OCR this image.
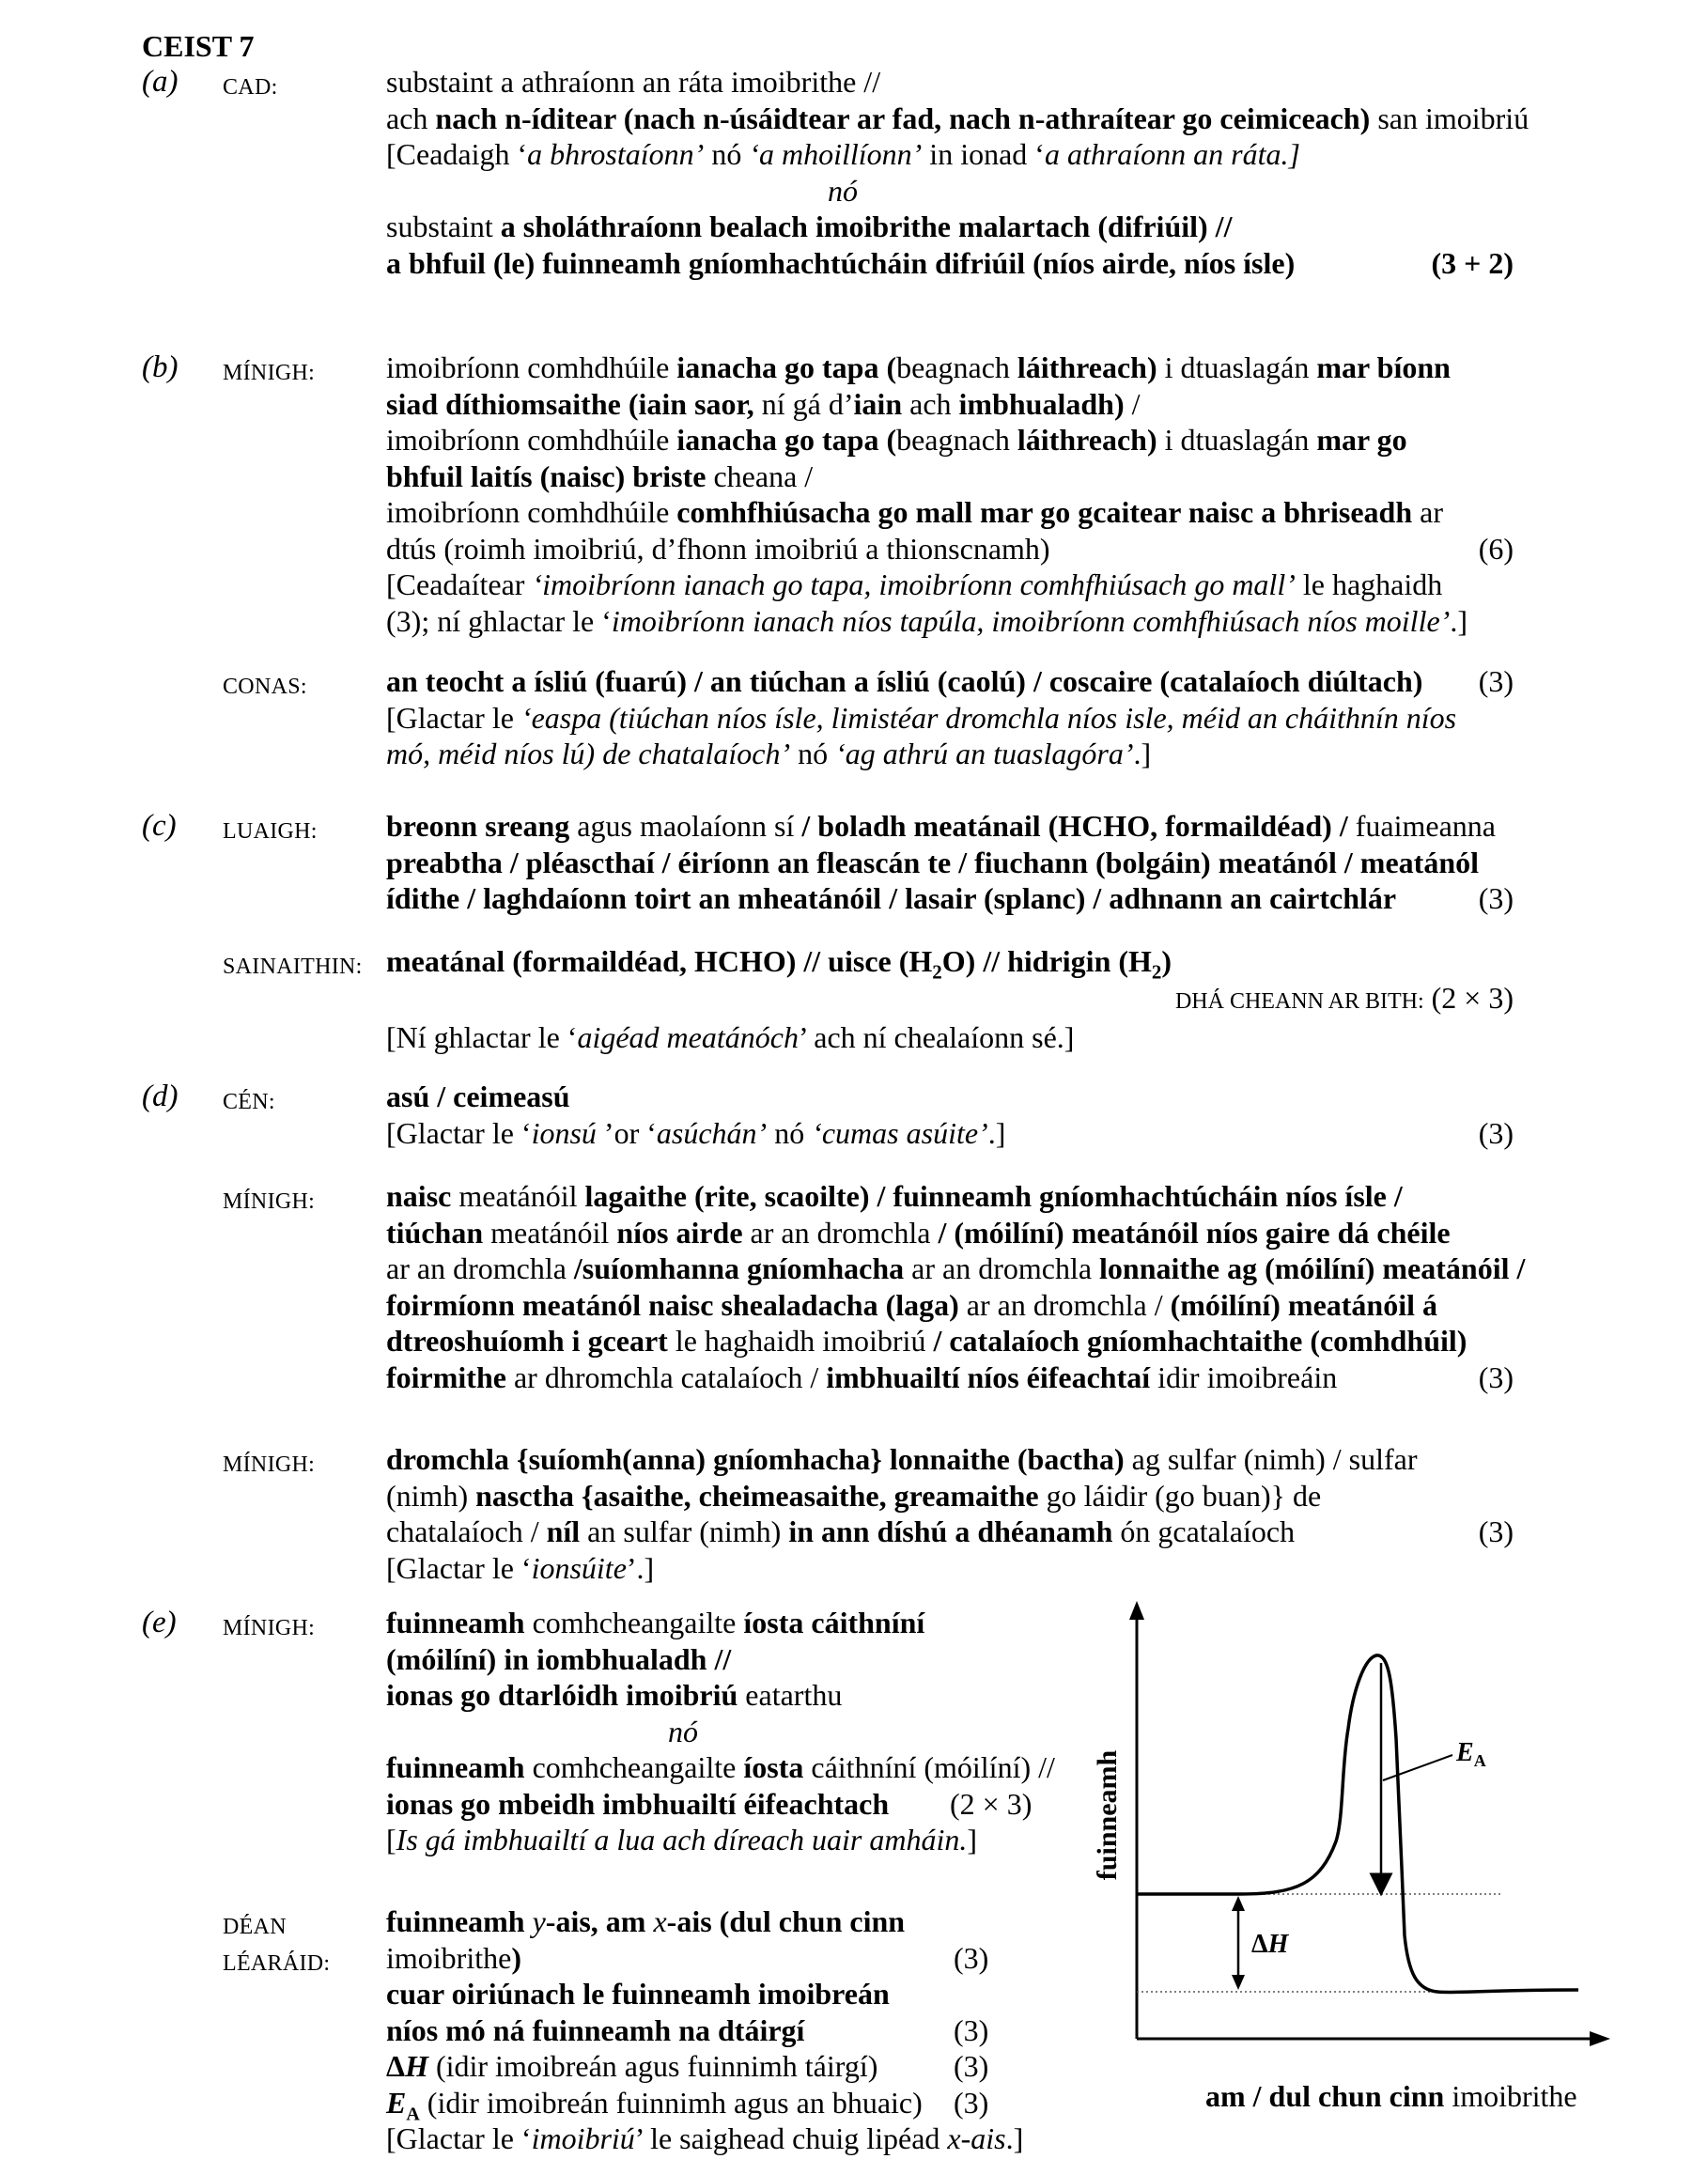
CEIST 7
(a) CAD:	substaint a athraíonn an ráta imoibrithe //
ach nach n-íditear (nach n-úsáidtear ar fad, nach n-athraítear go ceimiceach) san imoibriú
[Ceadaigh ‘a bhrostaíonn’ nó ‘a mhoillíonn’ in ionad ‘a athraíonn an ráta.]
nó
substaint a sholáthraíonn bealach imoibrithe malartach (difriúil) //
a bhfuil (le) fuinneamh gníomhachtúcháin difriúil (níos airde, níos ísle)	(3 + 2)
(b) MÍNIGH: imoibríonn comhdhúile ianacha go tapa (beagnach láithreach) i dtuaslagán mar bíonn
siad díthiomsaithe (iain saor, ní gá d’iain ach imbhualadh) /
imoibríonn comhdhúile ianacha go tapa (beagnach láithreach) i dtuaslagán mar go
bhfuil laitís (naisc) briste cheana /
imoibríonn comhdhúile comhfhiúsacha go mall mar go gcaitear naisc a bhriseadh ar
dtús (roimh imoibriú, d’fhonn imoibriú a thionscnamh)	(6)
[Ceadaítear ‘imoibríonn ianach go tapa, imoibríonn comhfhiúsach go mall’ le haghaidh
(3); ní ghlactar le ‘imoibríonn ianach níos tapúla, imoibríonn comhfhiúsach níos moille’.]
CONAS:	an teocht a ísliú (fuarú) / an tiúchan a ísliú (caolú) / coscaire (catalaíoch diúltach) (3)
[Glactar le ‘easpa (tiúchan níos ísle, limistéar dromchla níos isle, méid an cháithnín níos
mó, méid níos lú) de chatalaíoch’ nó ‘ag athrú an tuaslagóra’.]
(c) LUAIGH: breonn sreang agus maolaíonn sí / boladh meatánail (HCHO, formaildéad) / fuaimeanna
preabtha / pléascthaí / éiríonn an fleascán te / fiuchann (bolgáin) meatánól / meatánól
ídithe / laghdaíonn toirt an mheatánóil / lasair (splanc) / adhnann an cairtchlár	(3)
SAINAITHIN: meatánal (formaildéad, HCHO) // uisce $(H_2O)$ // hidrigin $(H_2)$
DHÁ CHEANN AR BITH: (2 × 3)
[Ní ghlactar le ‘aigéad meatánóch’ ach ní chealaíonn sé.]
(d) CÉN:	asú / ceimeasú
[Glactar le ‘ionsú ’or ‘asúchán’ nó ‘cumas asúite’.]	(3)
MÍNIGH: naisc meatánóil lagaithe (rite, scaoilte) / fuinneamh gníomhachtúcháin níos ísle /
tiúchan meatánóil níos airde ar an dromchla / (móilíní) meatánóil níos gaire dá chéile
ar an dromchla /suíomhanna gníomhacha ar an dromchla lonnaithe ag (móilíní) meatánóil /
foirmíonn meatánól naisc shealadacha (laga) ar an dromchla / (móilíní) meatánóil á
dtreoshuíomh i gceart le haghaidh imoibriú / catalaíoch gníomhachtaithe (comhdhúil)
foirmithe ar dhromchla catalaíoch / imbhuailtí níos éifeachtaí idir imoibreáin	(3)
MÍNIGH: dromchla {suíomh(anna) gníomhacha} lonnaithe (bactha) ag sulfar (nimh) / sulfar
(nimh) nasctha {asaithe, cheimeasaithe, greamaithe go láidir (go buan)} de
chatalaíoch / níl an sulfar (nimh) in ann díshú a dhéanamh ón gcatalaíoch	(3)
[Glactar le ‘ionsúite’.]
(e) MÍNIGH: fuinneamh comhcheangailte íosta cáithníní
(móilíní) in iombhualadh //
ionas go dtarlóidh imoibriú eatarthu
nó
fuinneamh comhcheangailte íosta cáithníní (móilíní) //
ionas go mbeidh imbhuailtí éifeachtach (2 × 3)
[Is gá imbhuailtí a lua ach díreach uair amháin.]
DÉAN
LÉARÁID:
fuinneamh y-ais, am x-ais (dul chun cinn
imoibrithe)	(3)
cuar oiriúnach le fuinneamh imoibreán
níos mó ná fuinneamh na dtáirgí	(3)
ΔH (idir imoibreán agus fuinnimh táirgí)	(3)
$E_A$ (idir imoibreán fuinnimh agus an bhuaic) (3)
[Glactar le ‘imoibriú’ le saighead chuig lipéad x-ais.]
$E_A$
ΔH
fuinneamh
am / dul chun cinn imoibrithe
